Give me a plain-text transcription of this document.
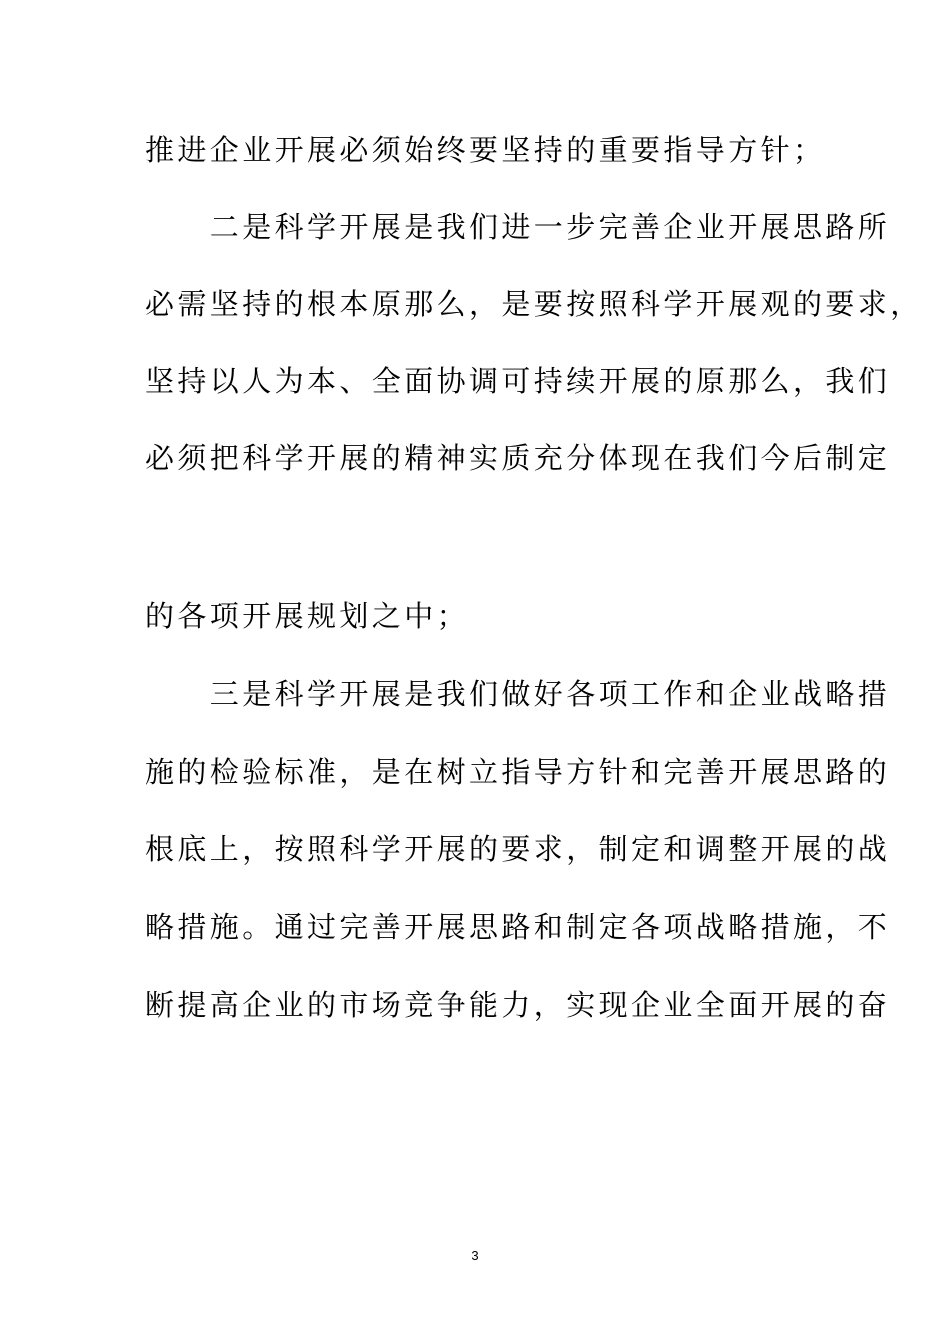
推进企业开展必须始终要坚持的重要指导方针；
　　二是科学开展是我们进一步完善企业开展思路所
必需坚持的根本原那么，是要按照科学开展观的要求，
坚持以人为本、全面协调可持续开展的原那么，我们
必须把科学开展的精神实质充分体现在我们今后制定
的各项开展规划之中；
　　三是科学开展是我们做好各项工作和企业战略措
施的检验标准，是在树立指导方针和完善开展思路的
根底上，按照科学开展的要求，制定和调整开展的战
略措施。通过完善开展思路和制定各项战略措施，不
断提高企业的市场竞争能力，实现企业全面开展的奋
3
